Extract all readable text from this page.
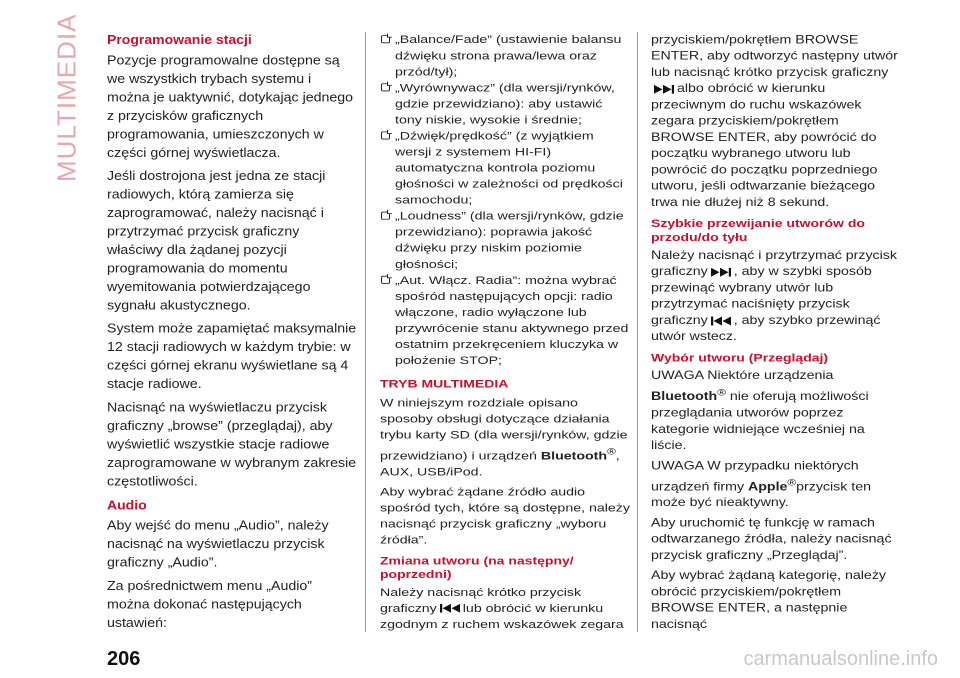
MULTIMEDIA Programowanie stacji

Pozycje programowalne dostępne są we wszystkich trybach systemu i można je uaktywnić, dotykając jednego z przycisków graficznych programowania, umieszczonych w części górnej wyświetlacza.

Jeśli dostrojona jest jedna ze stacji radiowych, którą zamierza się zaprogramować, należy nacisnąć i przytrzymać przycisk graficzny właściwy dla żądanej pozycji programowania do momentu wyemitowania potwierdzającego sygnału akustycznego.

System może zapamiętać maksymalnie 12 stacji radiowych w każdym trybie: w części górnej ekranu wyświetlane są 4 stacje radiowe.

Nacisnąć na wyświetlaczu przycisk graficzny „browse” (przeglądaj), aby wyświetlić wszystkie stacje radiowe zaprogramowane w wybranym zakresie częstotliwości.

Audio

Aby wejść do menu „Audio”, należy nacisnąć na wyświetlaczu przycisk graficzny „Audio”.

Za pośrednictwem menu „Audio” można dokonać następujących ustawień:

„Balance/Fade” (ustawienie balansu dźwięku strona prawa/lewa oraz przód/tył);

„Wyrównywacz” (dla wersji/rynków, gdzie przewidziano): aby ustawić tony niskie, wysokie i średnie;

„Dźwięk/prędkość” (z wyjątkiem wersji z systemem HI-FI) automatyczna kontrola poziomu głośności w zależności od prędkości samochodu;

„Loudness” (dla wersji/rynków, gdzie przewidziano): poprawia jakość dźwięku przy niskim poziomie głośności;

„Aut. Włącz. Radia”: można wybrać spośród następujących opcji: radio włączone, radio wyłączone lub przywrócenie stanu aktywnego przed ostatnim przekręceniem kluczyka w położenie STOP;

TRYB MULTIMEDIA

W niniejszym rozdziale opisano sposoby obsługi dotyczące działania trybu karty SD (dla wersji/rynków, gdzie przewidziano) i urządzeń Bluetooth®, AUX, USB/iPod.

Aby wybrać żądane źródło audio spośród tych, które są dostępne, należy nacisnąć przycisk graficzny „wyboru źródła”.

Zmiana utworu (na następny/ poprzedni)

Należy nacisnąć krótko przycisk graficzny lub obrócić w kierunku zgodnym z ruchem wskazówek zegara

przyciskiem/pokrętłem BROWSE ENTER, aby odtworzyć następny utwór lub nacisnąć krótko przycisk graficzny
albo obrócić w kierunku przeciwnym do ruchu wskazówek zegara przyciskiem/pokrętłem BROWSE ENTER, aby powrócić do początku wybranego utworu lub powrócić do początku poprzedniego utworu, jeśli odtwarzanie bieżącego trwa nie dłużej niż 8 sekund.

Szybkie przewijanie utworów do przodu/do tyłu

Należy nacisnąć i przytrzymać przycisk graficzny , aby w szybki sposób przewinąć wybrany utwór lub przytrzymać naciśnięty przycisk graficzny , aby szybko przewinąć utwór wstecz.

Wybór utworu (Przeglądaj)

UWAGA Niektóre urządzenia Bluetooth® nie oferują możliwości przeglądania utworów poprzez kategorie widniejące wcześniej na liście.

UWAGA W przypadku niektórych urządzeń firmy Apple®przycisk ten może być nieaktywny.

Aby uruchomić tę funkcję w ramach odtwarzanego źródła, należy nacisnąć przycisk graficzny „Przeglądaj”.

Aby wybrać żądaną kategorię, należy obrócić przyciskiem/pokrętłem BROWSE ENTER, a następnie nacisnąć

206	carmanualsonline.info
